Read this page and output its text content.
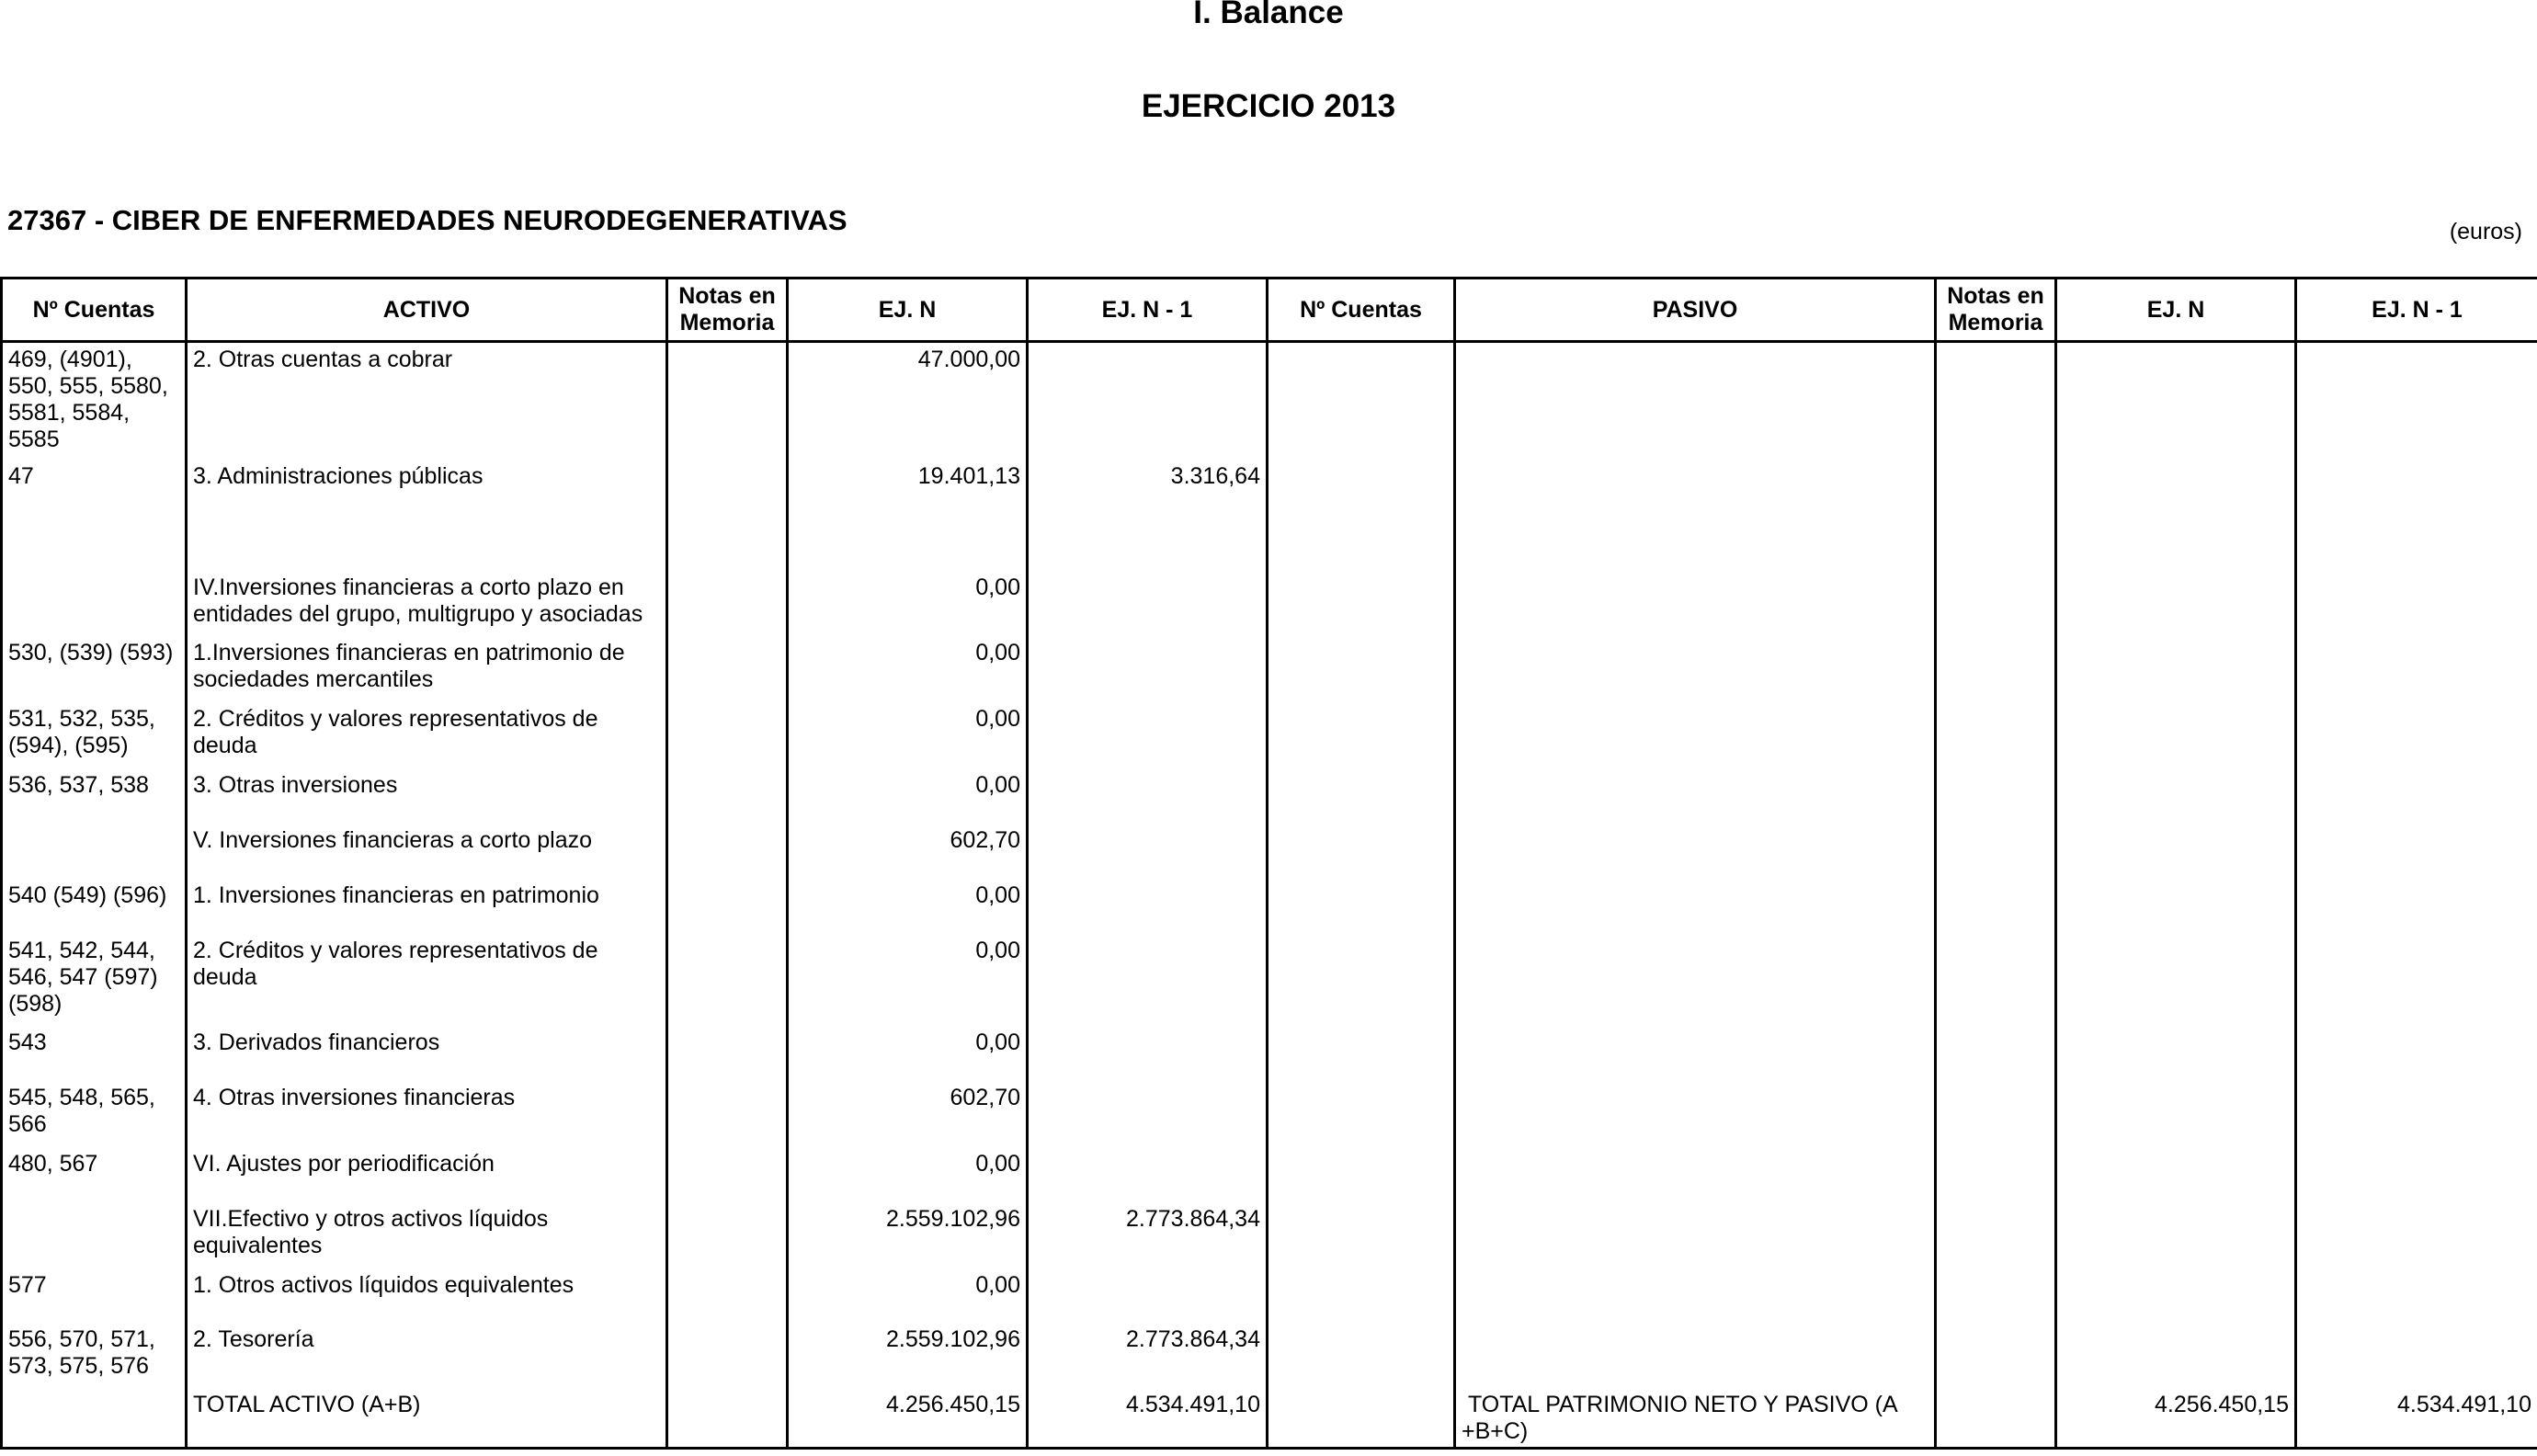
I. Balance
EJERCICIO 2013
27367 - CIBER DE ENFERMEDADES NEURODEGENERATIVAS	(euros)
Nº Cuentas	ACTIVO	Notas en Memoria	EJ. N	EJ. N - 1	Nº Cuentas	PASIVO	Notas en Memoria	EJ. N	EJ. N - 1
469, (4901), 550, 555, 5580, 5581, 5584, 5585	2. Otras cuentas a cobrar		47.000,00						
47	3. Administraciones públicas		19.401,13	3.316,64					
	IV.Inversiones financieras a corto plazo en entidades del grupo, multigrupo y asociadas		0,00						
530, (539) (593)	1.Inversiones financieras en patrimonio de sociedades mercantiles		0,00						
531, 532, 535, (594), (595)	2. Créditos y valores representativos de deuda		0,00						
536, 537, 538	3. Otras inversiones		0,00						
	V. Inversiones financieras a corto plazo		602,70						
540 (549) (596)	1. Inversiones financieras en patrimonio		0,00						
541, 542, 544, 546, 547 (597) (598)	2. Créditos y valores representativos de deuda		0,00						
543	3. Derivados financieros		0,00						
545, 548, 565, 566	4. Otras inversiones financieras		602,70						
480, 567	VI. Ajustes por periodificación		0,00						
	VII.Efectivo y otros activos líquidos equivalentes		2.559.102,96	2.773.864,34					
577	1. Otros activos líquidos equivalentes		0,00						
556, 570, 571, 573, 575, 576	2. Tesorería		2.559.102,96	2.773.864,34					
	TOTAL ACTIVO (A+B)		4.256.450,15	4.534.491,10		TOTAL PATRIMONIO NETO Y PASIVO (A +B+C)		4.256.450,15	4.534.491,10
